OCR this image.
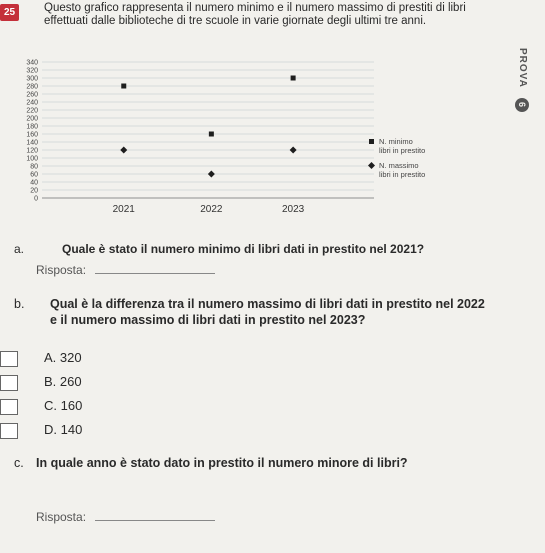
25	Questo grafico rappresenta il numero minimo e il numero massimo di prestiti di libri effettuati dalle biblioteche di tre scuole in varie giornate degli ultimi tre anni.
PROVA 6
0
20
40
60
80
100
120
140
160
180
200
220
240
260
280
300
320
340
2021	2022	2023
N. minimo
libri in prestito
N. massimo
libri in prestito
a.	Quale è stato il numero minimo di libri dati in prestito nel 2021?
Risposta:
b. Qual è la differenza tra il numero massimo di libri dati in prestito nel 2022 e il numero massimo di libri dati in prestito nel 2023?
A. 320
B. 260
C. 160
D. 140
c. In quale anno è stato dato in prestito il numero minore di libri?
Risposta:
